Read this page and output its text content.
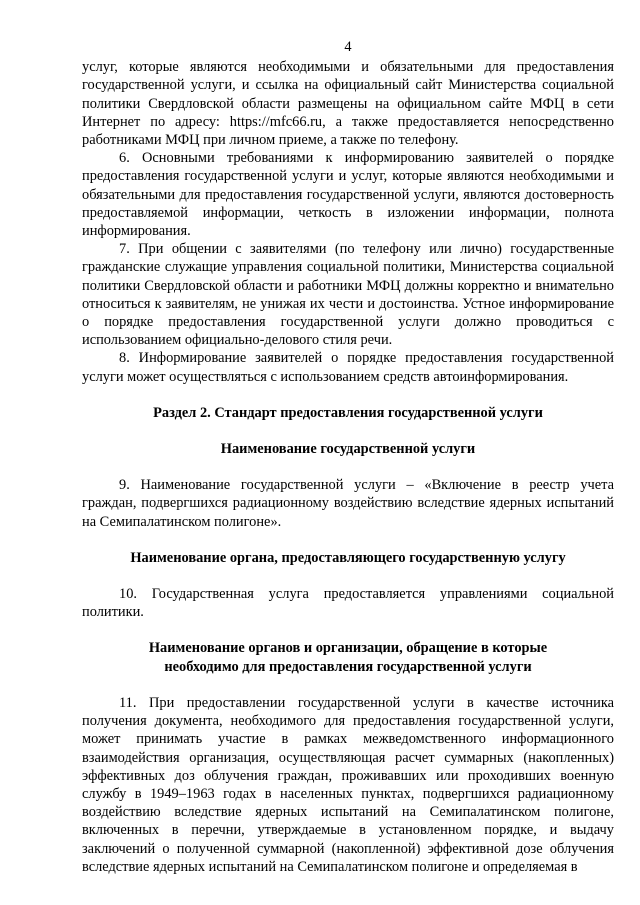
4

услуг, которые являются необходимыми и обязательными для предоставления государственной услуги, и ссылка на официальный сайт Министерства социальной политики Свердловской области размещены на официальном сайте МФЦ в сети Интернет по адресу: https://mfc66.ru, а также предоставляется непосредственно работниками МФЦ при личном приеме, а также по телефону.

6. Основными требованиями к информированию заявителей о порядке предоставления государственной услуги и услуг, которые являются необходимыми и обязательными для предоставления государственной услуги, являются достоверность предоставляемой информации, четкость в изложении информации, полнота информирования.

7. При общении с заявителями (по телефону или лично) государственные гражданские служащие управления социальной политики, Министерства социальной политики Свердловской области и работники МФЦ должны корректно и внимательно относиться к заявителям, не унижая их чести и достоинства. Устное информирование о порядке предоставления государственной услуги должно проводиться с использованием официально-делового стиля речи.

8. Информирование заявителей о порядке предоставления государственной услуги может осуществляться с использованием средств автоинформирования.

Раздел 2. Стандарт предоставления государственной услуги
Наименование государственной услуги

9. Наименование государственной услуги – «Включение в реестр учета граждан, подвергшихся радиационному воздействию вследствие ядерных испытаний на Семипалатинском полигоне».

Наименование органа, предоставляющего государственную услугу

10. Государственная услуга предоставляется управлениями социальной политики.

Наименование органов и организации, обращение в которые
необходимо для предоставления государственной услуги

11. При предоставлении государственной услуги в качестве источника получения документа, необходимого для предоставления государственной услуги, может принимать участие в рамках межведомственного информационного взаимодействия организация, осуществляющая расчет суммарных (накопленных) эффективных доз облучения граждан, проживавших или проходивших военную службу в 1949–1963 годах в населенных пунктах, подвергшихся радиационному воздействию вследствие ядерных испытаний на Семипалатинском полигоне, включенных в перечни, утверждаемые в установленном порядке, и выдачу заключений о полученной суммарной (накопленной) эффективной дозе облучения вследствие ядерных испытаний на Семипалатинском полигоне и определяемая в
